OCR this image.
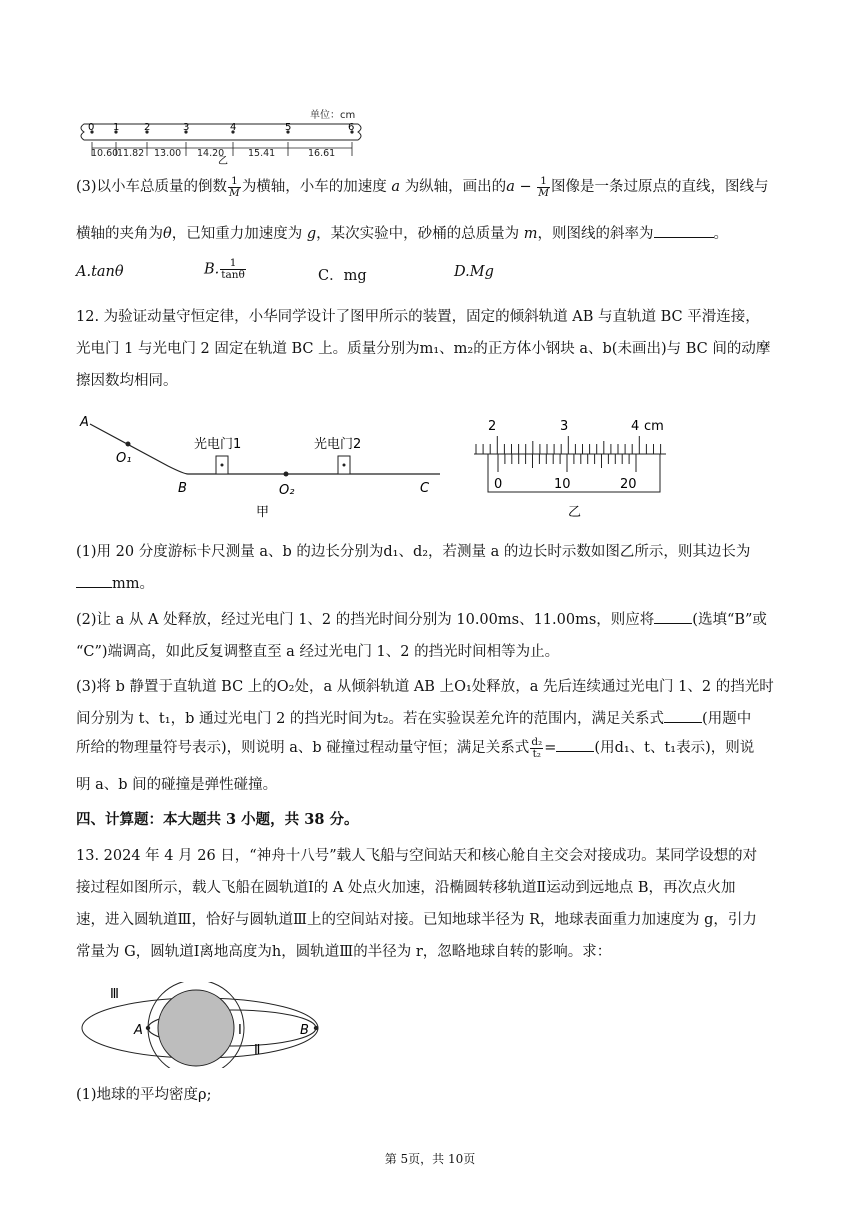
单位：cm
0 1 2	3	4	5	6
10.60
11.82 13.00 14.20	15.41	16.61
乙
(3)以小车总质量的倒数 $\frac{1}{M}$ 为横轴，小车的加速度 a 为纵轴，画出的$a - \frac{1}{M}$ 图像是一条过原点的直线，图线与
横轴的夹角为θ，已知重力加速度为 g，某次实验中，砂桶的总质量为 m，则图线的斜率为	。
A.tanθ	B. $\frac{1}{\tan\theta}$	C．mg	D.Mg
12. 为验证动量守恒定律，小华同学设计了图甲所示的装置，固定的倾斜轨道 AB 与直轨道 BC 平滑连接，
光电门 1 与光电门 2 固定在轨道 BC 上。质量分别为m₁、m₂的正方体小钢块 a、b(未画出)与 BC 间的动摩
擦因数均相同。
A
O₁
B	O₂	C
光电门1	光电门2
甲
2	3	4 cm
0	10	20
乙
(1)用 20 分度游标卡尺测量 a、b 的边长分别为d₁、d₂，若测量 a 的边长时示数如图乙所示，则其边长为
mm。
(2)让 a 从 A 处释放，经过光电门 1、2 的挡光时间分别为 10.00ms、11.00ms，则应将	(选填“B”或
“C”)端调高，如此反复调整直至 a 经过光电门 1、2 的挡光时间相等为止。
(3)将 b 静置于直轨道 BC 上的O₂处，a 从倾斜轨道 AB 上O₁处释放，a 先后连续通过光电门 1、2 的挡光时
间分别为 t、t₁，b 通过光电门 2 的挡光时间为t₂。若在实验误差允许的范围内，满足关系式	(用题中
所给的物理量符号表示)，则说明 a、b 碰撞过程动量守恒；满足关系式 $\frac{\text{d₂}}{\text{t₂}}$ =	(用d₁、t、t₁表示)，则说
明 a、b 间的碰撞是弹性碰撞。
四、计算题：本大题共 3 小题，共 38 分。
13. 2024 年 4 月 26 日，“神舟十八号”载人飞船与空间站天和核心舱自主交会对接成功。某同学设想的对
接过程如图所示，载人飞船在圆轨道Ⅰ的 A 处点火加速，沿椭圆转移轨道Ⅱ运动到远地点 B，再次点火加
速，进入圆轨道Ⅲ，恰好与圆轨道Ⅲ上的空间站对接。已知地球半径为 R，地球表面重力加速度为 g，引力
常量为 G，圆轨道Ⅰ离地高度为h，圆轨道Ⅲ的半径为 r，忽略地球自转的影响。求：
Ⅲ
A	Ⅰ	B
Ⅱ
(1)地球的平均密度ρ;
第 5页，共 10页
